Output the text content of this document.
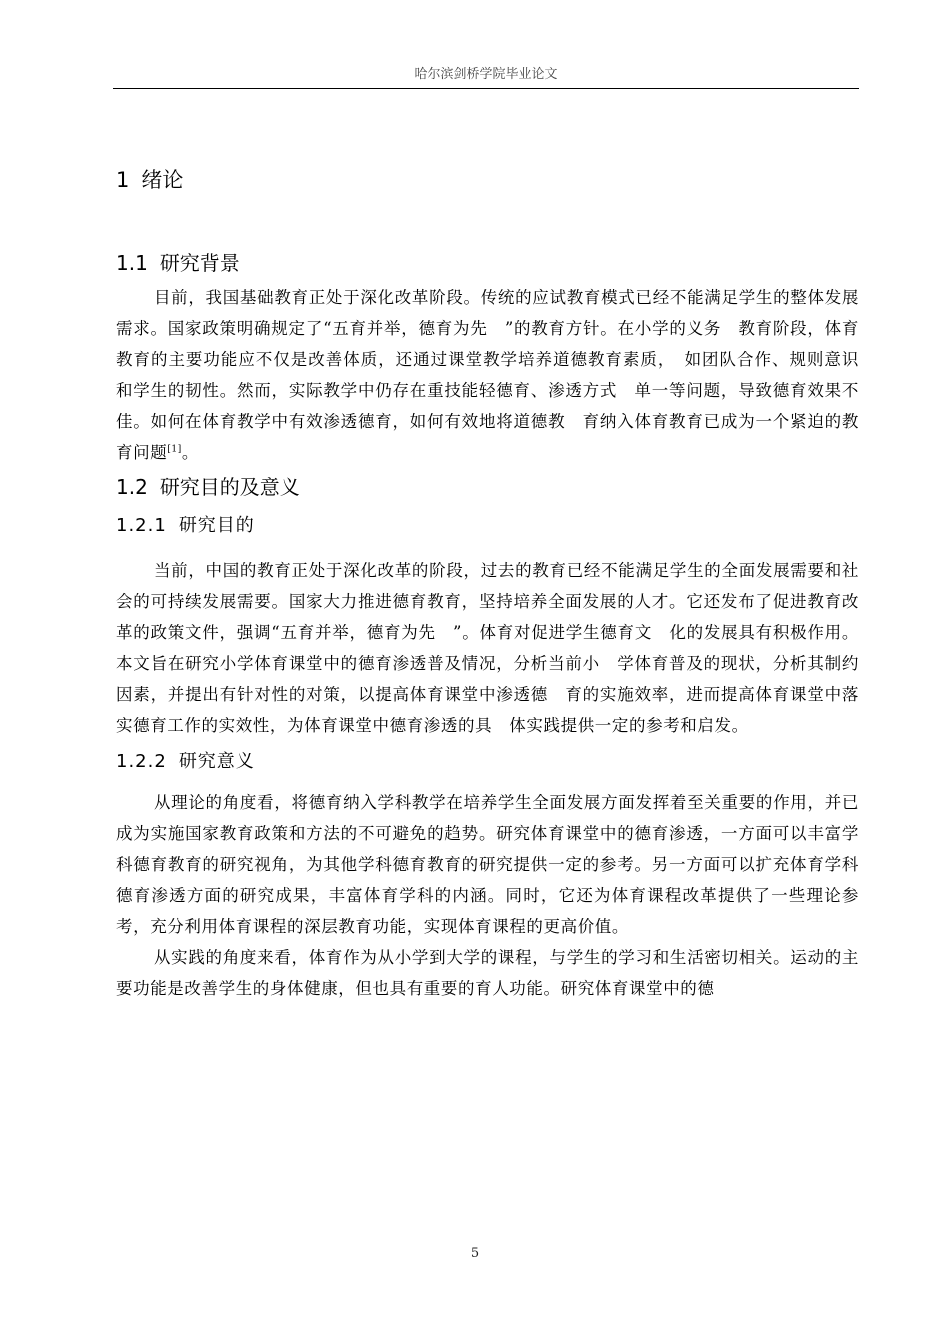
哈尔滨剑桥学院毕业论文
1 绪论
1.1 研究背景

目前，我国基础教育正处于深化改革阶段。传统的应试教育模式已经不能满足学生的整体发展需求。国家政策明确规定了“五育并举，德育为先　”的教育方针。在小学的义务　教育阶段，体育教育的主要功能应不仅是改善体质，还通过课堂教学培养道德教育素质，　如团队合作、规则意识和学生的韧性。然而，实际教学中仍存在重技能轻德育、渗透方式　单一等问题，导致德育效果不佳。如何在体育教学中有效渗透德育，如何有效地将道德教　育纳入体育教育已成为一个紧迫的教育问题[1]。

1.2 研究目的及意义
1.2.1 研究目的

当前，中国的教育正处于深化改革的阶段，过去的教育已经不能满足学生的全面发展需要和社会的可持续发展需要。国家大力推进德育教育，坚持培养全面发展的人才。它还发布了促进教育改革的政策文件，强调“五育并举，德育为先　”。体育对促进学生德育文　化的发展具有积极作用。本文旨在研究小学体育课堂中的德育渗透普及情况，分析当前小　学体育普及的现状，分析其制约因素，并提出有针对性的对策，以提高体育课堂中渗透德　育的实施效率，进而提高体育课堂中落实德育工作的实效性，为体育课堂中德育渗透的具　体实践提供一定的参考和启发。

1.2.2 研究意义

从理论的角度看，将德育纳入学科教学在培养学生全面发展方面发挥着至关重要的作用，并已成为实施国家教育政策和方法的不可避免的趋势。研究体育课堂中的德育渗透，一方面可以丰富学科德育教育的研究视角，为其他学科德育教育的研究提供一定的参考。另一方面可以扩充体育学科德育渗透方面的研究成果，丰富体育学科的内涵。同时，它还为体育课程改革提供了一些理论参考，充分利用体育课程的深层教育功能，实现体育课程的更高价值。

从实践的角度来看，体育作为从小学到大学的课程，与学生的学习和生活密切相关。运动的主要功能是改善学生的身体健康，但也具有重要的育人功能。研究体育课堂中的德

5
